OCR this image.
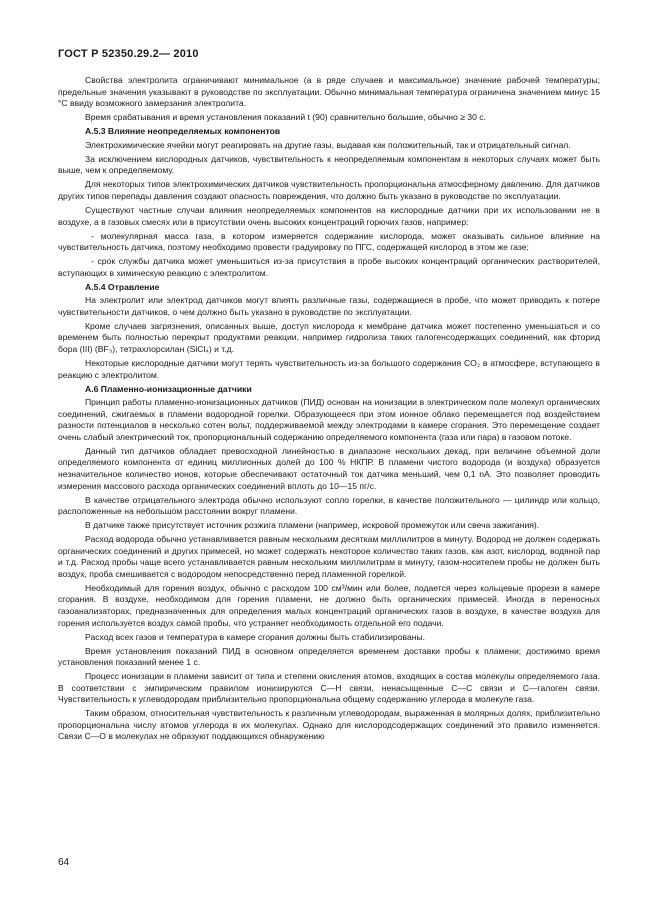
ГОСТ Р 52350.29.2— 2010

Свойства электролита ограничивают минимальное (а в ряде случаев и максимальное) значение рабочей температуры; предельные значения указывают в руководстве по эксплуатации. Обычно минимальная температура ограничена значением минус 15 °С ввиду возможного замерзания электролита.

Время срабатывания и время установления показаний t (90) сравнительно большие, обычно ≥ 30 с.

А.5.3 Влияние неопределяемых компонентов

Электрохимические ячейки могут реагировать на другие газы, выдавая как положительный, так и отрицательный сигнал.

За исключением кислородных датчиков, чувствительность к неопределяемым компонентам в некоторых случаях может быть выше, чем к определяемому.

Для некоторых типов электрохимических датчиков чувствительность пропорциональна атмосферному давлению. Для датчиков других типов перепады давления создают опасность повреждения, что должно быть указано в руководстве по эксплуатации.

Существуют частные случаи влияния неопределяемых компонентов на кислородные датчики при их использовании не в воздухе, а в газовых смесях или в присутствии очень высоких концентраций горючих газов, например:

- молекулярная масса газа, в котором измеряется содержание кислорода, может оказывать сильное влияние на чувствительность датчика, поэтому необходимо провести градуировку по ПГС, содержащей кислород в этом же газе;

- срок службы датчика может уменьшиться из-за присутствия в пробе высоких концентраций органических растворителей, вступающих в химическую реакцию с электролитом.

А.5.4 Отравление

На электролит или электрод датчиков могут влиять различные газы, содержащиеся в пробе, что может приводить к потере чувствительности датчиков, о чем должно быть указано в руководстве по эксплуатации.

Кроме случаев загрязнения, описанных выше, доступ кислорода к мембране датчика может постепенно уменьшаться и со временем быть полностью перекрыт продуктами реакции, например гидролиза таких галогенсодержащих соединений, как фторид бора (III) (BF₃), тетрахлорсилан (SiCl₄) и т.д.

Некоторые кислородные датчики могут терять чувствительность из-за большого содержания CO₂ в атмосфере, вступающего в реакцию с электролитом.

А.6 Пламенно-ионизационные датчики

Принцип работы пламенно-ионизационных датчиков (ПИД) основан на ионизации в электрическом поле молекул органических соединений, сжигаемых в пламени водородной горелки. Образующееся при этом ионное облако перемещается под воздействием разности потенциалов в несколько сотен вольт, поддерживаемой между электродами в камере сгорания. Это перемещение создает очень слабый электрический ток, пропорциональный содержанию определяемого компонента (газа или пара) в газовом потоке.

Данный тип датчиков обладает превосходной линейностью в диапазоне нескольких декад, при величине объемной доли определяемого компонента от единиц миллионных долей до 100 % НКПР. В пламени чистого водорода (и воздуха) образуется незначительное количество ионов, которые обеспечивают остаточный ток датчика меньший, чем 0,1 nА. Это позволяет проводить измерения массового расхода органических соединений вплоть до 10—15 пг/с.

В качестве отрицательного электрода обычно используют сопло горелки, в качестве положительного — цилиндр или кольцо, расположенные на небольшом расстоянии вокруг пламени.

В датчике также присутствует источник розжига пламени (например, искровой промежуток или свеча зажигания).

Расход водорода обычно устанавливается равным нескольким десяткам миллилитров в минуту. Водород не должен содержать органических соединений и других примесей, но может содержать некоторое количество таких газов, как азот, кислород, водяной пар и т.д. Расход пробы чаще всего устанавливается равным нескольким миллилитрам в минуту, газом-носителем пробы не должен быть воздух, проба смешивается с водородом непосредственно перед пламенной горелкой.

Необходимый для горения воздух, обычно с расходом 100 см³/мин или более, подается через кольцевые прорези в камере сгорания. В воздухе, необходимом для горения пламени, не должно быть органических примесей. Иногда в переносных газоанализаторах, предназначенных для определения малых концентраций органических газов в воздухе, в качестве воздуха для горения используется воздух самой пробы, что устраняет необходимость отдельной его подачи.

Расход всех газов и температура в камере сгорания должны быть стабилизированы.

Время установления показаний ПИД в основном определяется временем доставки пробы к пламени; достижимо время установления показаний менее 1 с.

Процесс ионизации в пламени зависит от типа и степени окисления атомов, входящих в состав молекулы определяемого газа. В соответствии с эмпирическим правилом ионизируются С—Н связи, ненасыщенные С—С связи и С—галоген связи. Чувствительность к углеводородам приблизительно пропорциональна общему содержанию углерода в молекуле газа.

Таким образом, относительная чувствительность к различным углеводородам, выраженная в молярных долях, приблизительно пропорциональна числу атомов углерода в их молекулах. Однако для кислородсодержащих соединений это правило изменяется. Связи С—О в молекулах не образуют поддающихся обнаружению

64
